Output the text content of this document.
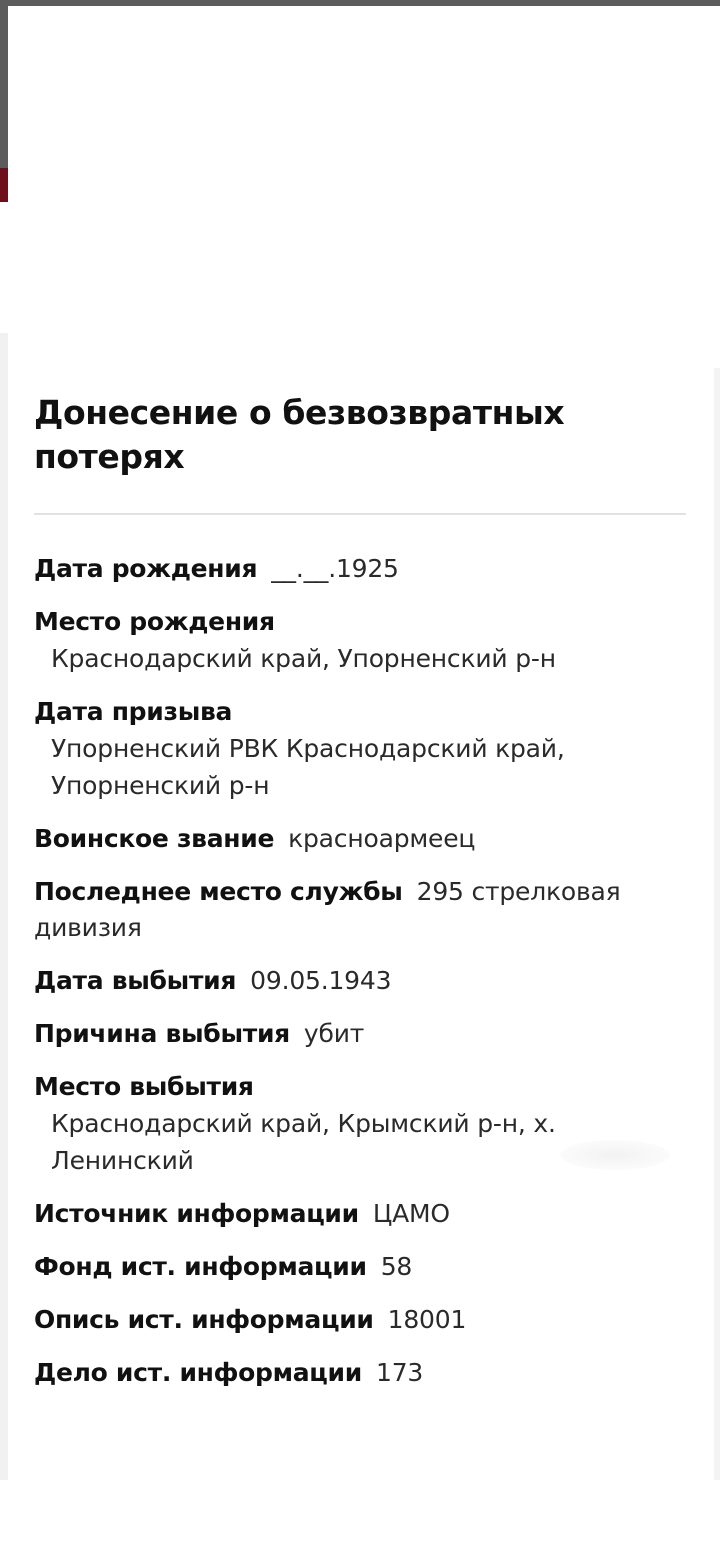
Донесение о безвозвратных потерях
Дата рождения __.__.1925
Место рождения
Краснодарский край, Упорненский р-н
Дата призыва
Упорненский РВК Краснодарский край, Упорненский р-н
Воинское звание красноармеец
Последнее место службы 295 стрелковая дивизия
Дата выбытия 09.05.1943
Причина выбытия убит
Место выбытия
Краснодарский край, Крымский р-н, х. Ленинский
Источник информации ЦАМО
Фонд ист. информации 58
Опись ист. информации 18001
Дело ист. информации 173
